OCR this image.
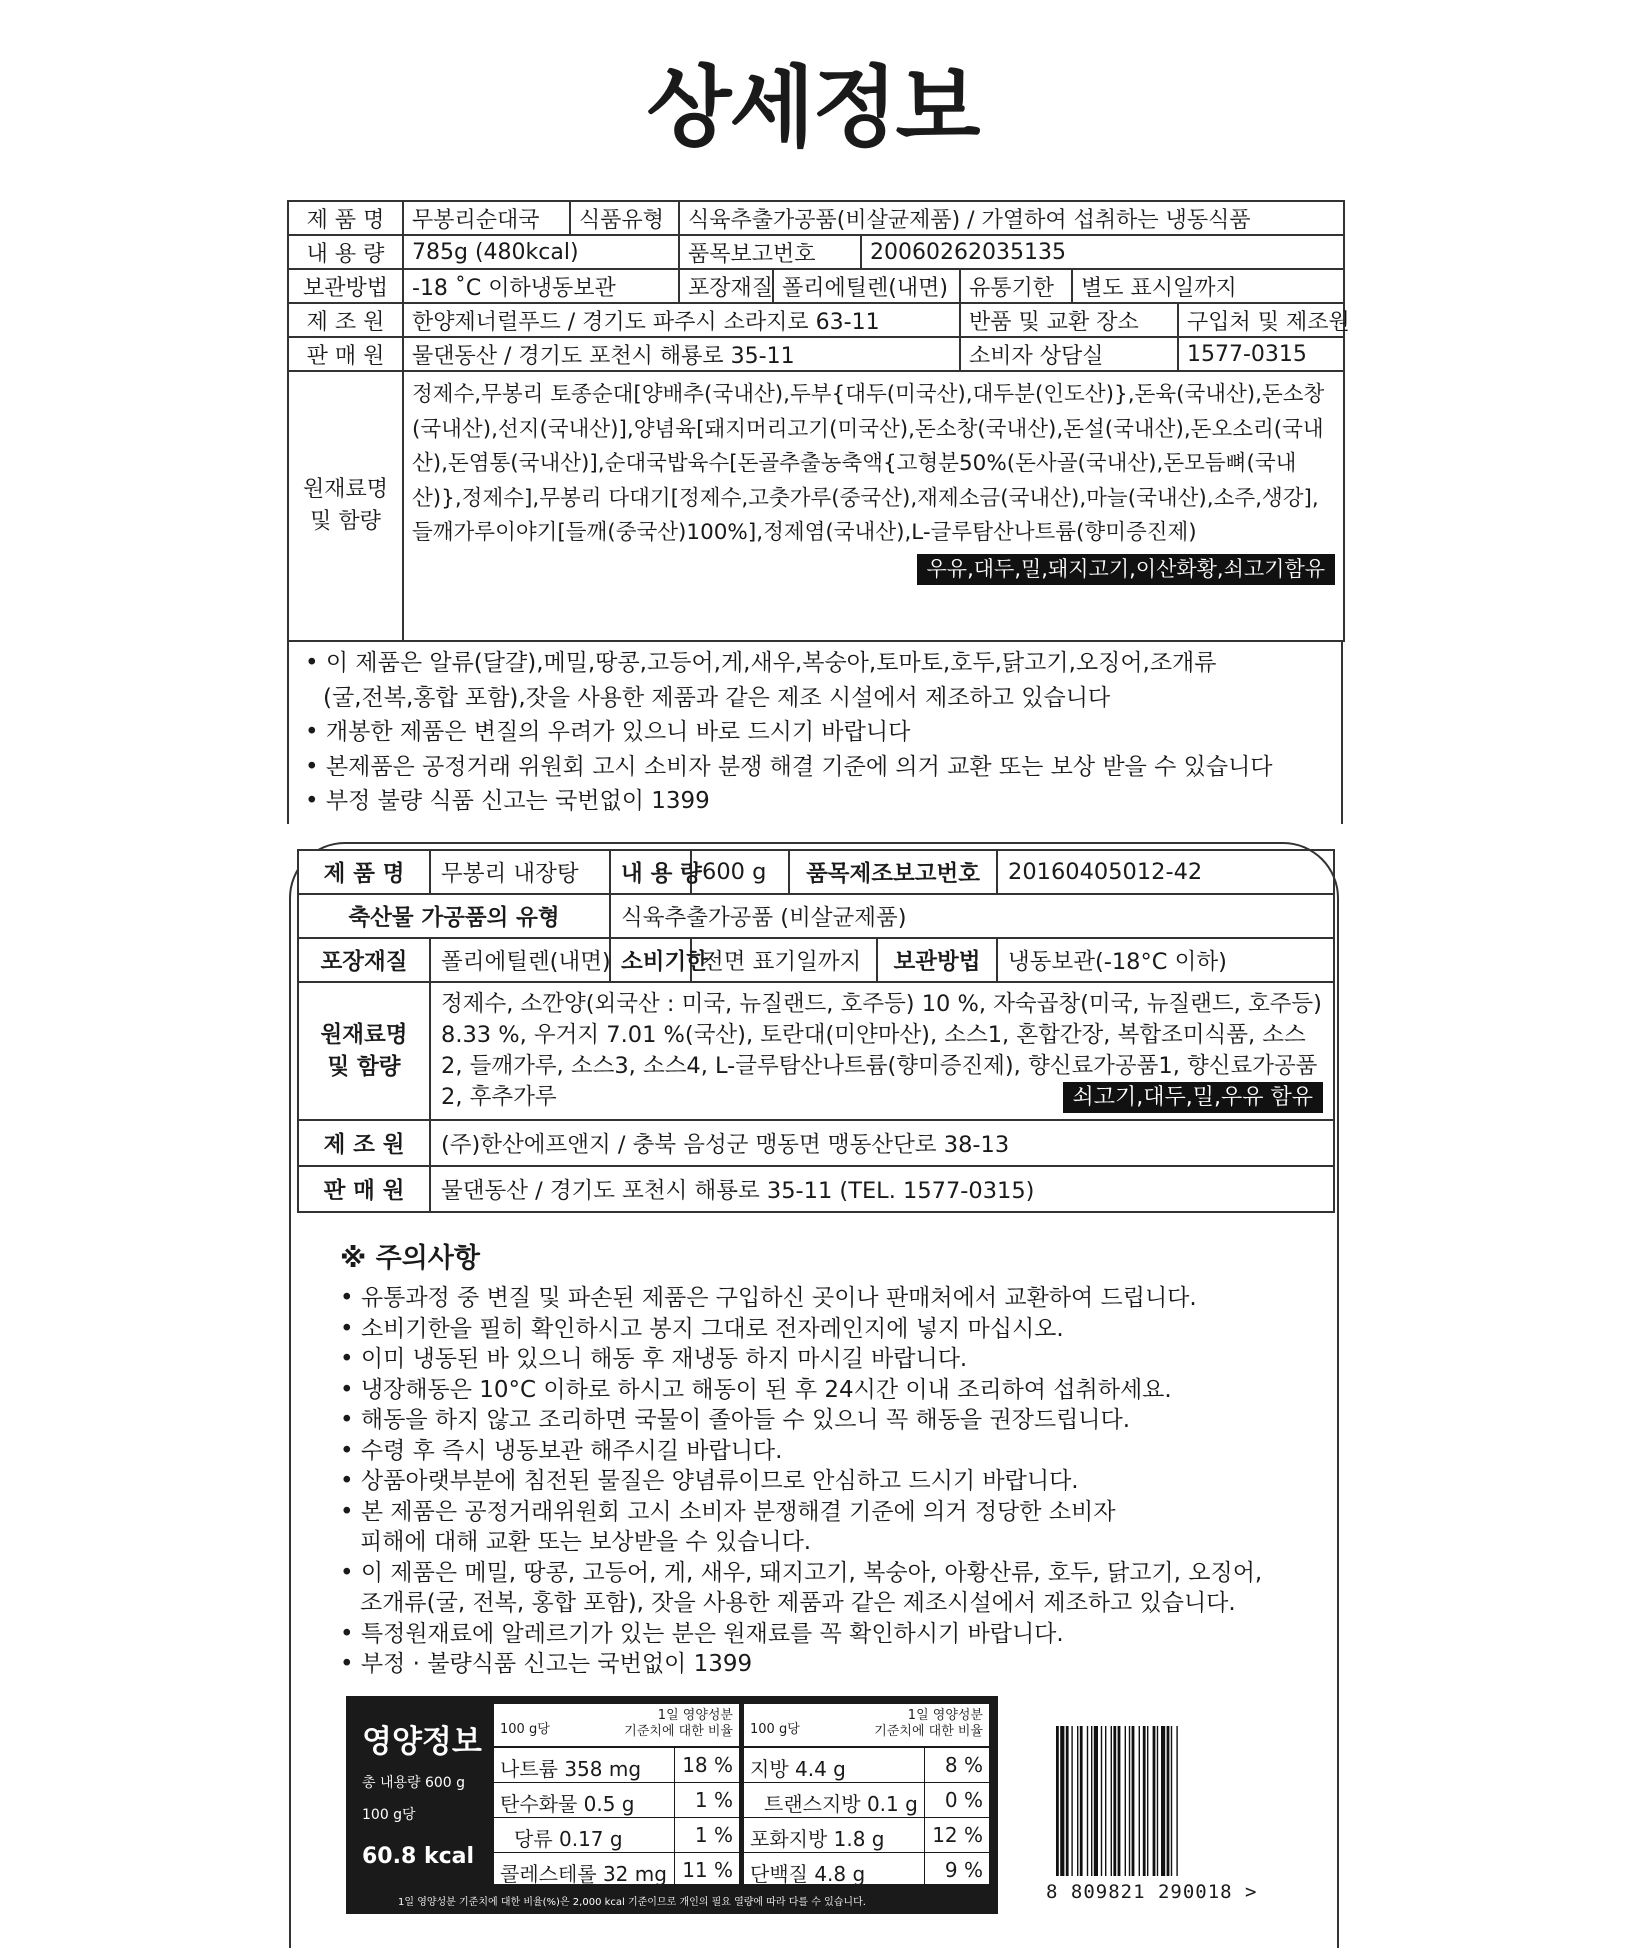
상세정보
제 품 명	무봉리순대국	식품유형	식육추출가공품(비살균제품) / 가열하여 섭취하는 냉동식품					
내 용 량	785g (480kcal)		품목보고번호		20060262035135			
보관방법	-18 ˚C 이하냉동보관		포장재질	폴리에틸렌(내면)		유통기한	별도 표시일까지	
제 조 원	한양제너럴푸드 / 경기도 파주시 소라지로 63-11					반품 및 교환 장소		구입처 및 제조원
판 매 원	물댄동산 / 경기도 포천시 해룡로 35-11					소비자 상담실		1577-0315
원재료명 및 함량	정제수,무봉리 토종순대[양배추(국내산),두부{대두(미국산),대두분(인도산)},돈육(국내산),돈소창(국내산),선지(국내산)],양념육[돼지머리고기(미국산),돈소창(국내산),돈설(국내산),돈오소리(국내산),돈염통(국내산)],순대국밥육수[돈골추출농축액{고형분50%(돈사골(국내산),돈모듬뼈(국내산)},정제수],무봉리 다대기[정제수,고춧가루(중국산),재제소금(국내산),마늘(국내산),소주,생강],들깨가루이야기[들깨(중국산)100%],정제염(국내산),L-글루탐산나트륨(향미증진제)
우유,대두,밀,돼지고기,이산화황,쇠고기함유							
• 이 제품은 알류(달걀),메밀,땅콩,고등어,게,새우,복숭아,토마토,호두,닭고기,오징어,조개류
(굴,전복,홍합 포함),잣을 사용한 제품과 같은 제조 시설에서 제조하고 있습니다
• 개봉한 제품은 변질의 우려가 있으니 바로 드시기 바랍니다
• 본제품은 공정거래 위원회 고시 소비자 분쟁 해결 기준에 의거 교환 또는 보상 받을 수 있습니다
• 부정 불량 식품 신고는 국번없이 1399
제 품 명	무봉리 내장탕	내 용 량	600 g	품목제조보고번호		20160405012-42
축산물 가공품의 유형		식육추출가공품 (비살균제품)				
포장재질	폴리에틸렌(내면)	소비기한	전면 표기일까지		보관방법	냉동보관(-18°C 이하)
원재료명 및 함량	정제수, 소깐양(외국산 : 미국, 뉴질랜드, 호주등) 10 %, 자숙곱창(미국, 뉴질랜드, 호주등) 8.33 %, 우거지 7.01 %(국산), 토란대(미얀마산), 소스1, 혼합간장, 복합조미식품, 소스2, 들깨가루, 소스3, 소스4, L-글루탐산나트륨(향미증진제), 향신료가공품1, 향신료가공품2, 후추가루 쇠고기,대두,밀,우유 함유					

제 조 원	(주)한산에프앤지 / 충북 음성군 맹동면 맹동산단로 38-13					
판 매 원	물댄동산 / 경기도 포천시 해룡로 35-11 (TEL. 1577-0315)					
※ 주의사항
• 유통과정 중 변질 및 파손된 제품은 구입하신 곳이나 판매처에서 교환하여 드립니다.
• 소비기한을 필히 확인하시고 봉지 그대로 전자레인지에 넣지 마십시오.
• 이미 냉동된 바 있으니 해동 후 재냉동 하지 마시길 바랍니다.
• 냉장해동은 10°C 이하로 하시고 해동이 된 후 24시간 이내 조리하여 섭취하세요.
• 해동을 하지 않고 조리하면 국물이 졸아들 수 있으니 꼭 해동을 권장드립니다.
• 수령 후 즉시 냉동보관 해주시길 바랍니다.
• 상품아랫부분에 침전된 물질은 양념류이므로 안심하고 드시기 바랍니다.
• 본 제품은 공정거래위원회 고시 소비자 분쟁해결 기준에 의거 정당한 소비자
피해에 대해 교환 또는 보상받을 수 있습니다.
• 이 제품은 메밀, 땅콩, 고등어, 게, 새우, 돼지고기, 복숭아, 아황산류, 호두, 닭고기, 오징어,
조개류(굴, 전복, 홍합 포함), 잣을 사용한 제품과 같은 제조시설에서 제조하고 있습니다.
• 특정원재료에 알레르기가 있는 분은 원재료를 꼭 확인하시기 바랍니다.
• 부정 · 불량식품 신고는 국번없이 1399
영양정보
총 내용량 600 g
100 g당
60.8 kcal
100 g당
1일 영양성분
기준치에 대한 비율
나트륨 358 mg 18 %
탄수화물 0.5 g	1 %
당류 0.17 g	1 %
콜레스테롤 32 mg 11 %
100 g당
1일 영양성분
기준치에 대한 비율
지방 4.4 g	8 %
트랜스지방 0.1 g 0 %
포화지방 1.8 g 12 %
단백질 4.8 g	9 %
1일 영양성분 기준치에 대한 비율(%)은 2,000 kcal 기준이므로 개인의 필요 열량에 따라 다를 수 있습니다.	8 809821 290018 >
